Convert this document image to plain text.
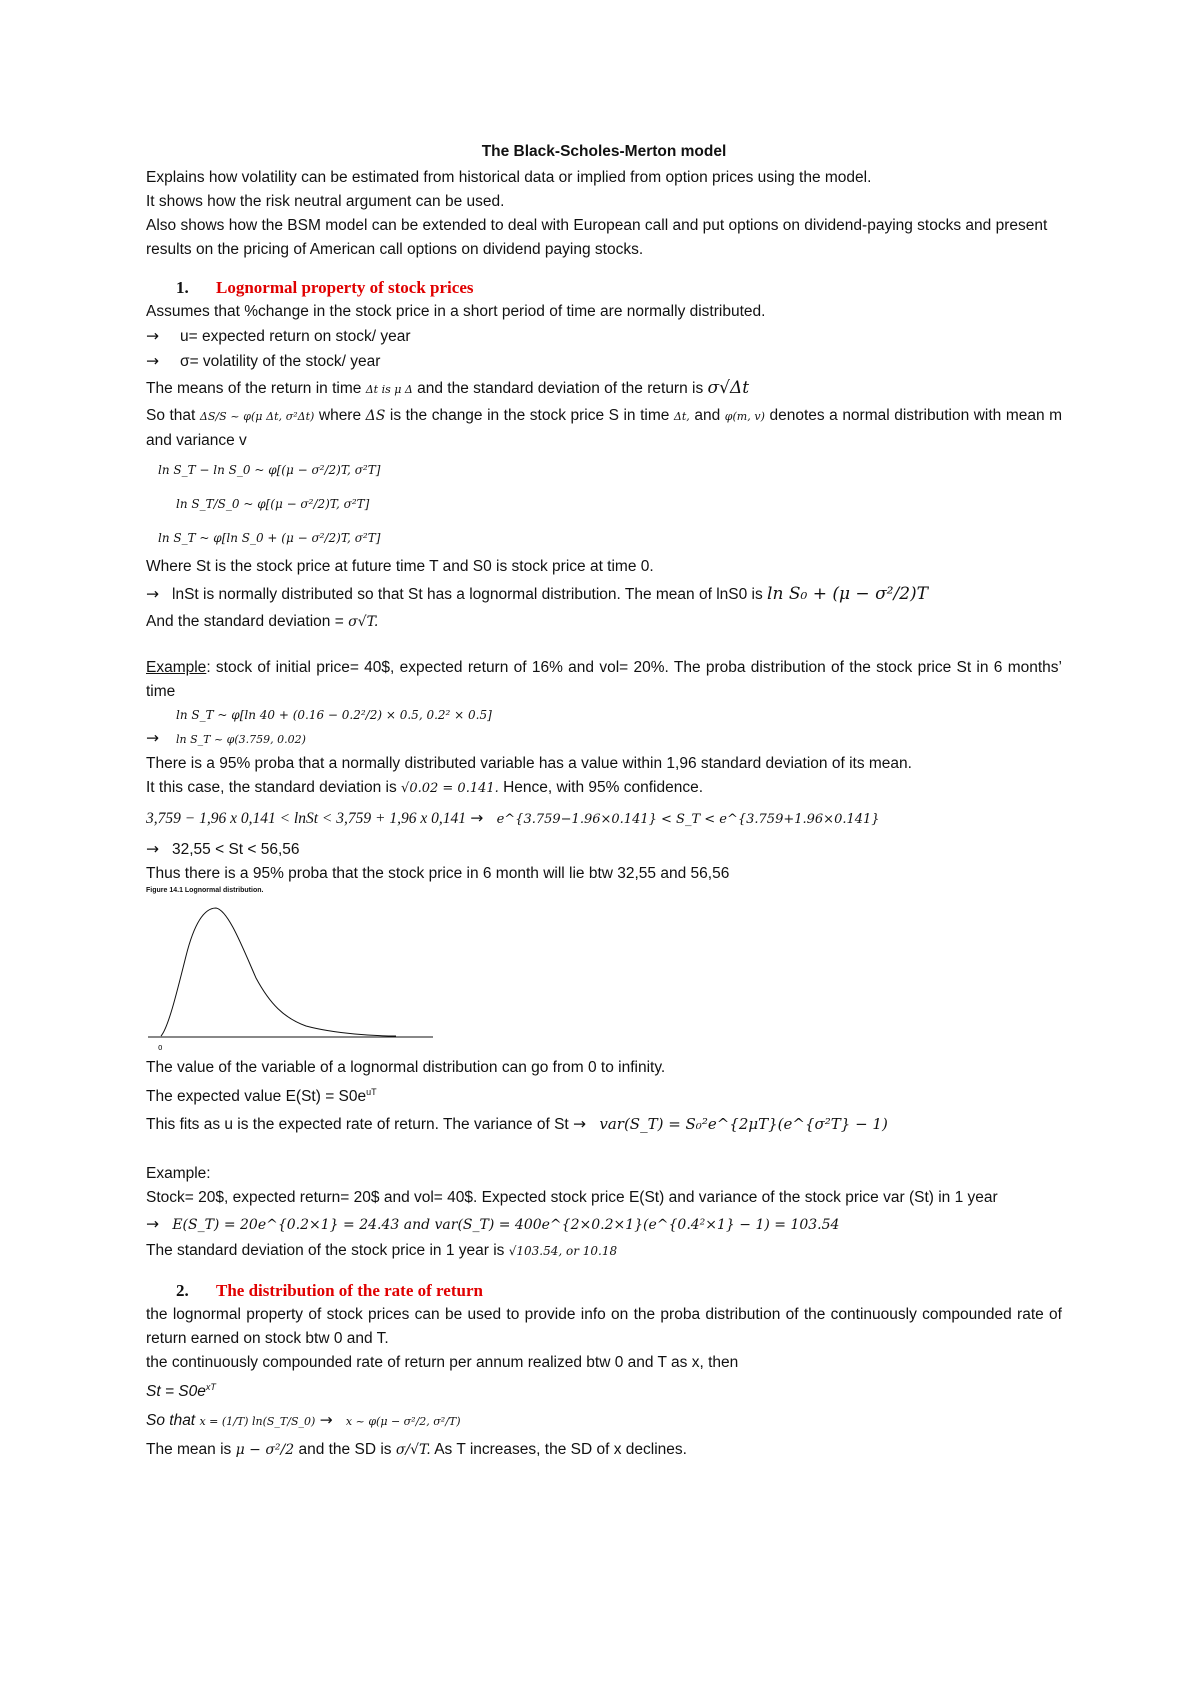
The Black-Scholes-Merton model

Explains how volatility can be estimated from historical data or implied from option prices using the model.

It shows how the risk neutral argument can be used.

Also shows how the BSM model can be extended to deal with European call and put options on dividend-paying stocks and present results on the pricing of American call options on dividend paying stocks.

1. Lognormal property of stock prices

Assumes that %change in the stock price in a short period of time are normally distributed.

→ u= expected return on stock/ year

→ σ= volatility of the stock/ year

The means of the return in time Δt is μ Δ and the standard deviation of the return is σ√Δt

So that ΔS/S ~ φ(μ Δt, σ²Δt) where ΔS is the change in the stock price S in time Δt, and φ(m, v) denotes a normal distribution with mean m and variance v

ln S_T − ln S_0 ~ φ[(μ − σ²/2)T, σ²T]

ln S_T/S_0 ~ φ[(μ − σ²/2)T, σ²T]

ln S_T ~ φ[ln S_0 + (μ − σ²/2)T, σ²T]

Where St is the stock price at future time T and S0 is stock price at time 0.

→ lnSt is normally distributed so that St has a lognormal distribution. The mean of lnS0 is ln S₀ + (μ − σ²/2)T

And the standard deviation = σ√T.

Example: stock of initial price= 40$, expected return of 16% and vol= 20%. The proba distribution of the stock price St in 6 months’ time

ln S_T ~ φ[ln 40 + (0.16 − 0.2²/2) × 0.5, 0.2² × 0.5]

→ ln S_T ~ φ(3.759, 0.02)

There is a 95% proba that a normally distributed variable has a value within 1,96 standard deviation of its mean.

It this case, the standard deviation is √0.02 = 0.141. Hence, with 95% confidence.

3,759 − 1,96 x 0,141 < lnSt < 3,759 + 1,96 x 0,141 → e^{3.759−1.96×0.141} < S_T < e^{3.759+1.96×0.141}

→ 32,55 < St < 56,56

Thus there is a 95% proba that the stock price in 6 month will lie btw 32,55 and 56,56

Figure 14.1 Lognormal distribution.
0

The value of the variable of a lognormal distribution can go from 0 to infinity.

The expected value $E(St) = S0e^{uT}$

This fits as u is the expected rate of return. The variance of St → var(S_T) = S₀²e^{2μT}(e^{σ²T} − 1)

Example:

Stock= 20$, expected return= 20$ and vol= 40$. Expected stock price E(St) and variance of the stock price var (St) in 1 year

→ E(S_T) = 20e^{0.2×1} = 24.43 and var(S_T) = 400e^{2×0.2×1}(e^{0.4²×1} − 1) = 103.54

The standard deviation of the stock price in 1 year is √103.54, or 10.18

2. The distribution of the rate of return

the lognormal property of stock prices can be used to provide info on the proba distribution of the continuously compounded rate of return earned on stock btw 0 and T.

the continuously compounded rate of return per annum realized btw 0 and T as x, then

$St = S0e^{xT}$

So that x = (1/T) ln(S_T/S_0) → x ~ φ(μ − σ²/2, σ²/T)

The mean is μ − σ²/2 and the SD is σ/√T. As T increases, the SD of x declines.
